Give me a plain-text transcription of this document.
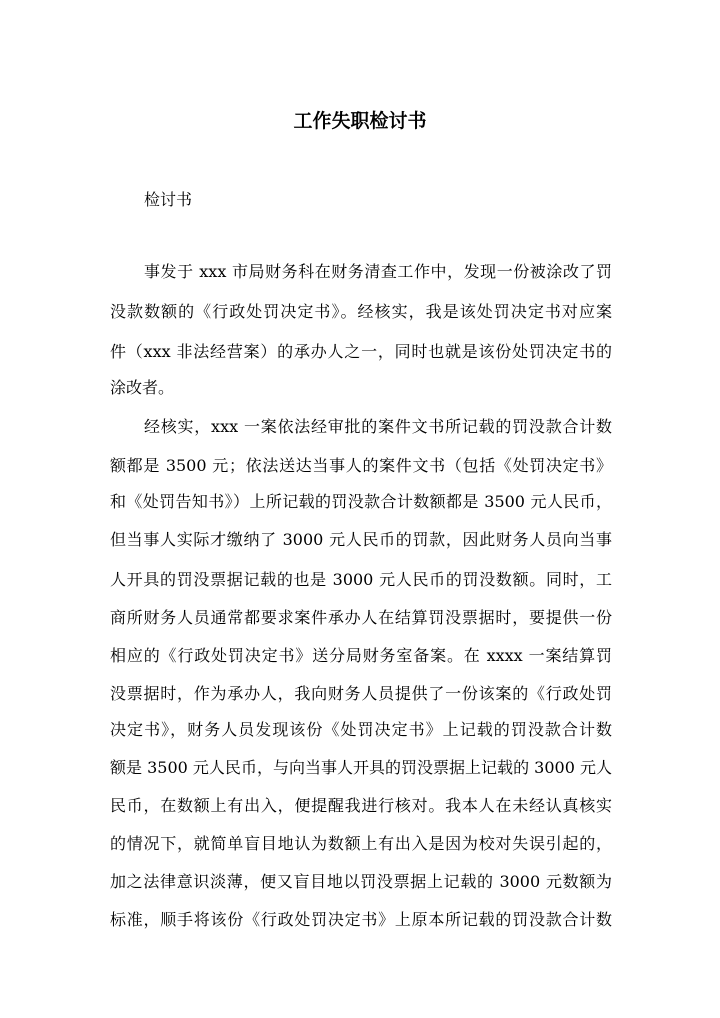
工作失职检讨书
检讨书
事发于 xxx 市局财务科在财务清查工作中，发现一份被涂改了罚
没款数额的《行政处罚决定书》。经核实，我是该处罚决定书对应案
件（xxx 非法经营案）的承办人之一，同时也就是该份处罚决定书的
涂改者。
经核实，xxx 一案依法经审批的案件文书所记载的罚没款合计数
额都是 3500 元；依法送达当事人的案件文书（包括《处罚决定书》
和《处罚告知书》）上所记载的罚没款合计数额都是 3500 元人民币，
但当事人实际才缴纳了 3000 元人民币的罚款，因此财务人员向当事
人开具的罚没票据记载的也是 3000 元人民币的罚没数额。同时，工
商所财务人员通常都要求案件承办人在结算罚没票据时，要提供一份
相应的《行政处罚决定书》送分局财务室备案。在 xxxx 一案结算罚
没票据时，作为承办人，我向财务人员提供了一份该案的《行政处罚
决定书》，财务人员发现该份《处罚决定书》上记载的罚没款合计数
额是 3500 元人民币，与向当事人开具的罚没票据上记载的 3000 元人
民币，在数额上有出入，便提醒我进行核对。我本人在未经认真核实
的情况下，就简单盲目地认为数额上有出入是因为校对失误引起的，
加之法律意识淡薄，便又盲目地以罚没票据上记载的 3000 元数额为
标准，顺手将该份《行政处罚决定书》上原本所记载的罚没款合计数
